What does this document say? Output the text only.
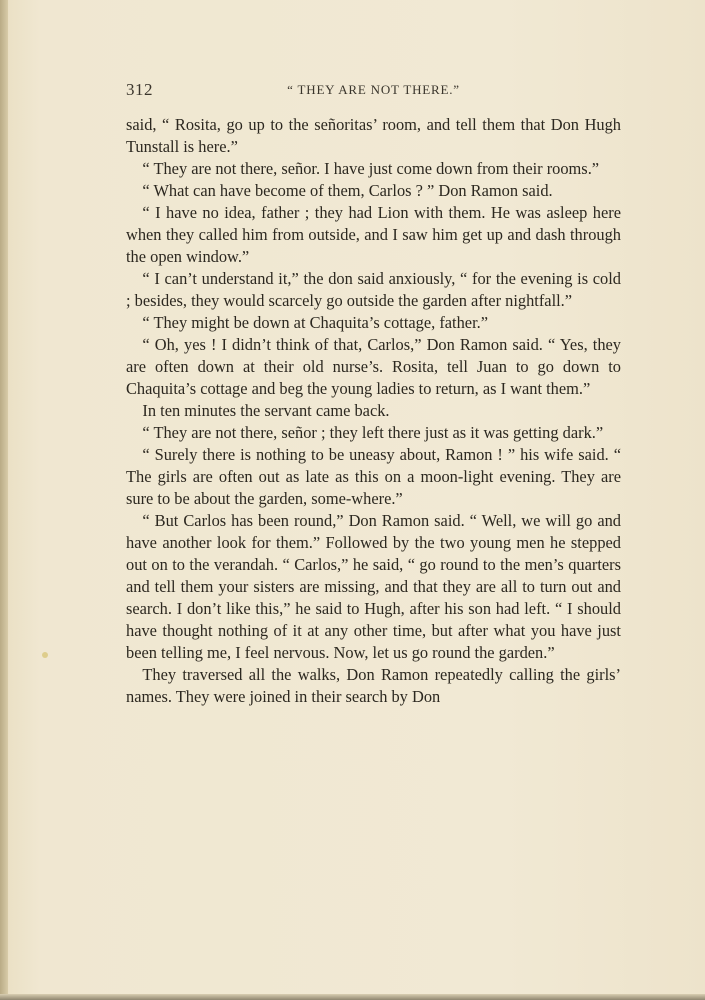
312	“ THEY ARE NOT THERE.”

said, “ Rosita, go up to the señoritas’ room, and tell them that Don Hugh Tunstall is here.”

“ They are not there, señor. I have just come down from their rooms.”

“ What can have become of them, Carlos ? ” Don Ramon said.

“ I have no idea, father ; they had Lion with them. He was asleep here when they called him from outside, and I saw him get up and dash through the open window.”

“ I can’t understand it,” the don said anxiously, “ for the evening is cold ; besides, they would scarcely go outside the garden after nightfall.”

“ They might be down at Chaquita’s cottage, father.”

“ Oh, yes ! I didn’t think of that, Carlos,” Don Ramon said. “ Yes, they are often down at their old nurse’s. Rosita, tell Juan to go down to Chaquita’s cottage and beg the young ladies to return, as I want them.”

In ten minutes the servant came back.

“ They are not there, señor ; they left there just as it was getting dark.”

“ Surely there is nothing to be uneasy about, Ramon ! ” his wife said. “ The girls are often out as late as this on a moon-light evening. They are sure to be about the garden, some-where.”

“ But Carlos has been round,” Don Ramon said. “ Well, we will go and have another look for them.” Followed by the two young men he stepped out on to the verandah. “ Carlos,” he said, “ go round to the men’s quarters and tell them your sisters are missing, and that they are all to turn out and search. I don’t like this,” he said to Hugh, after his son had left. “ I should have thought nothing of it at any other time, but after what you have just been telling me, I feel nervous. Now, let us go round the garden.”

They traversed all the walks, Don Ramon repeatedly calling the girls’ names. They were joined in their search by Don
